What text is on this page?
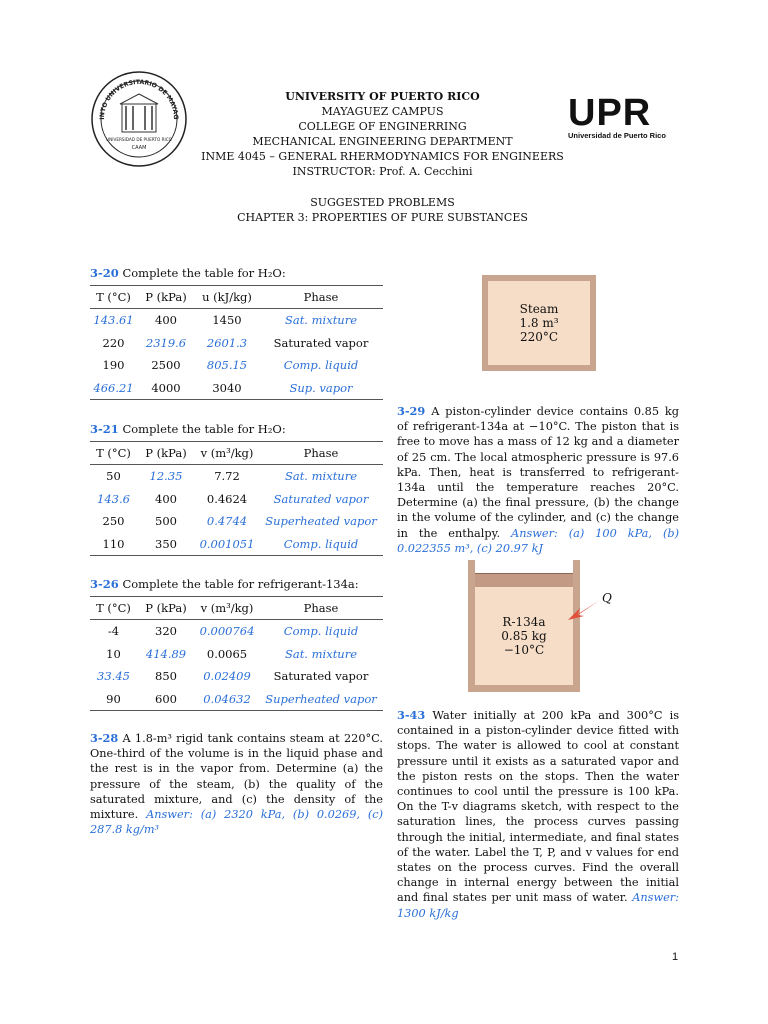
INTO UNIVERSITARIO DE MAYAG
UNIVERSIDAD DE PUERTO RICO
CAAM
UPR
Universidad de Puerto Rico
UNIVERSITY OF PUERTO RICO
MAYAGUEZ CAMPUS
COLLEGE OF ENGINERRING
MECHANICAL ENGINEERING DEPARTMENT
INME 4045 – GENERAL RHERMODYNAMICS FOR ENGINEERS
INSTRUCTOR: Prof. A. Cecchini
SUGGESTED PROBLEMS
CHAPTER 3: PROPERTIES OF PURE SUBSTANCES
3-20 Complete the table for H₂O:
T (°C)	P (kPa)	u (kJ/kg)	Phase
143.61	400	1450	Sat. mixture
220	2319.6	2601.3	Saturated vapor
190	2500	805.15	Comp. liquid
466.21	4000	3040	Sup. vapor
3-21 Complete the table for H₂O:
T (°C)	P (kPa)	v (m³/kg)	Phase
50	12.35	7.72	Sat. mixture
143.6	400	0.4624	Saturated vapor
250	500	0.4744	Superheated vapor
110	350	0.001051	Comp. liquid
3-26 Complete the table for refrigerant-134a:
T (°C)	P (kPa)	v (m³/kg)	Phase
-4	320	0.000764	Comp. liquid
10	414.89	0.0065	Sat. mixture
33.45	850	0.02409	Saturated vapor
90	600	0.04632	Superheated vapor
3-28 A 1.8-m³ rigid tank contains steam at 220°C. One-third of the volume is in the liquid phase and the rest is in the vapor from. Determine (a) the pressure of the steam, (b) the quality of the saturated mixture, and (c) the density of the mixture. Answer: (a) 2320 kPa, (b) 0.0269, (c) 287.8 kg/m³
Steam
1.8 m³
220°C
3-29 A piston-cylinder device contains 0.85 kg of refrigerant-134a at −10°C. The piston that is free to move has a mass of 12 kg and a diameter of 25 cm. The local atmospheric pressure is 97.6 kPa. Then, heat is transferred to refrigerant-134a until the temperature reaches 20°C. Determine (a) the final pressure, (b) the change in the volume of the cylinder, and (c) the change in the enthalpy. Answer: (a) 100 kPa, (b) 0.022355 m³, (c) 20.97 kJ
R-134a
0.85 kg
−10°C
Q
3-43 Water initially at 200 kPa and 300°C is contained in a piston-cylinder device fitted with stops. The water is allowed to cool at constant pressure until it exists as a saturated vapor and the piston rests on the stops. Then the water continues to cool until the pressure is 100 kPa. On the T-v diagrams sketch, with respect to the saturation lines, the process curves passing through the initial, intermediate, and final states of the water. Label the T, P, and v values for end states on the process curves. Find the overall change in internal energy between the initial and final states per unit mass of water. Answer: 1300 kJ/kg
1
